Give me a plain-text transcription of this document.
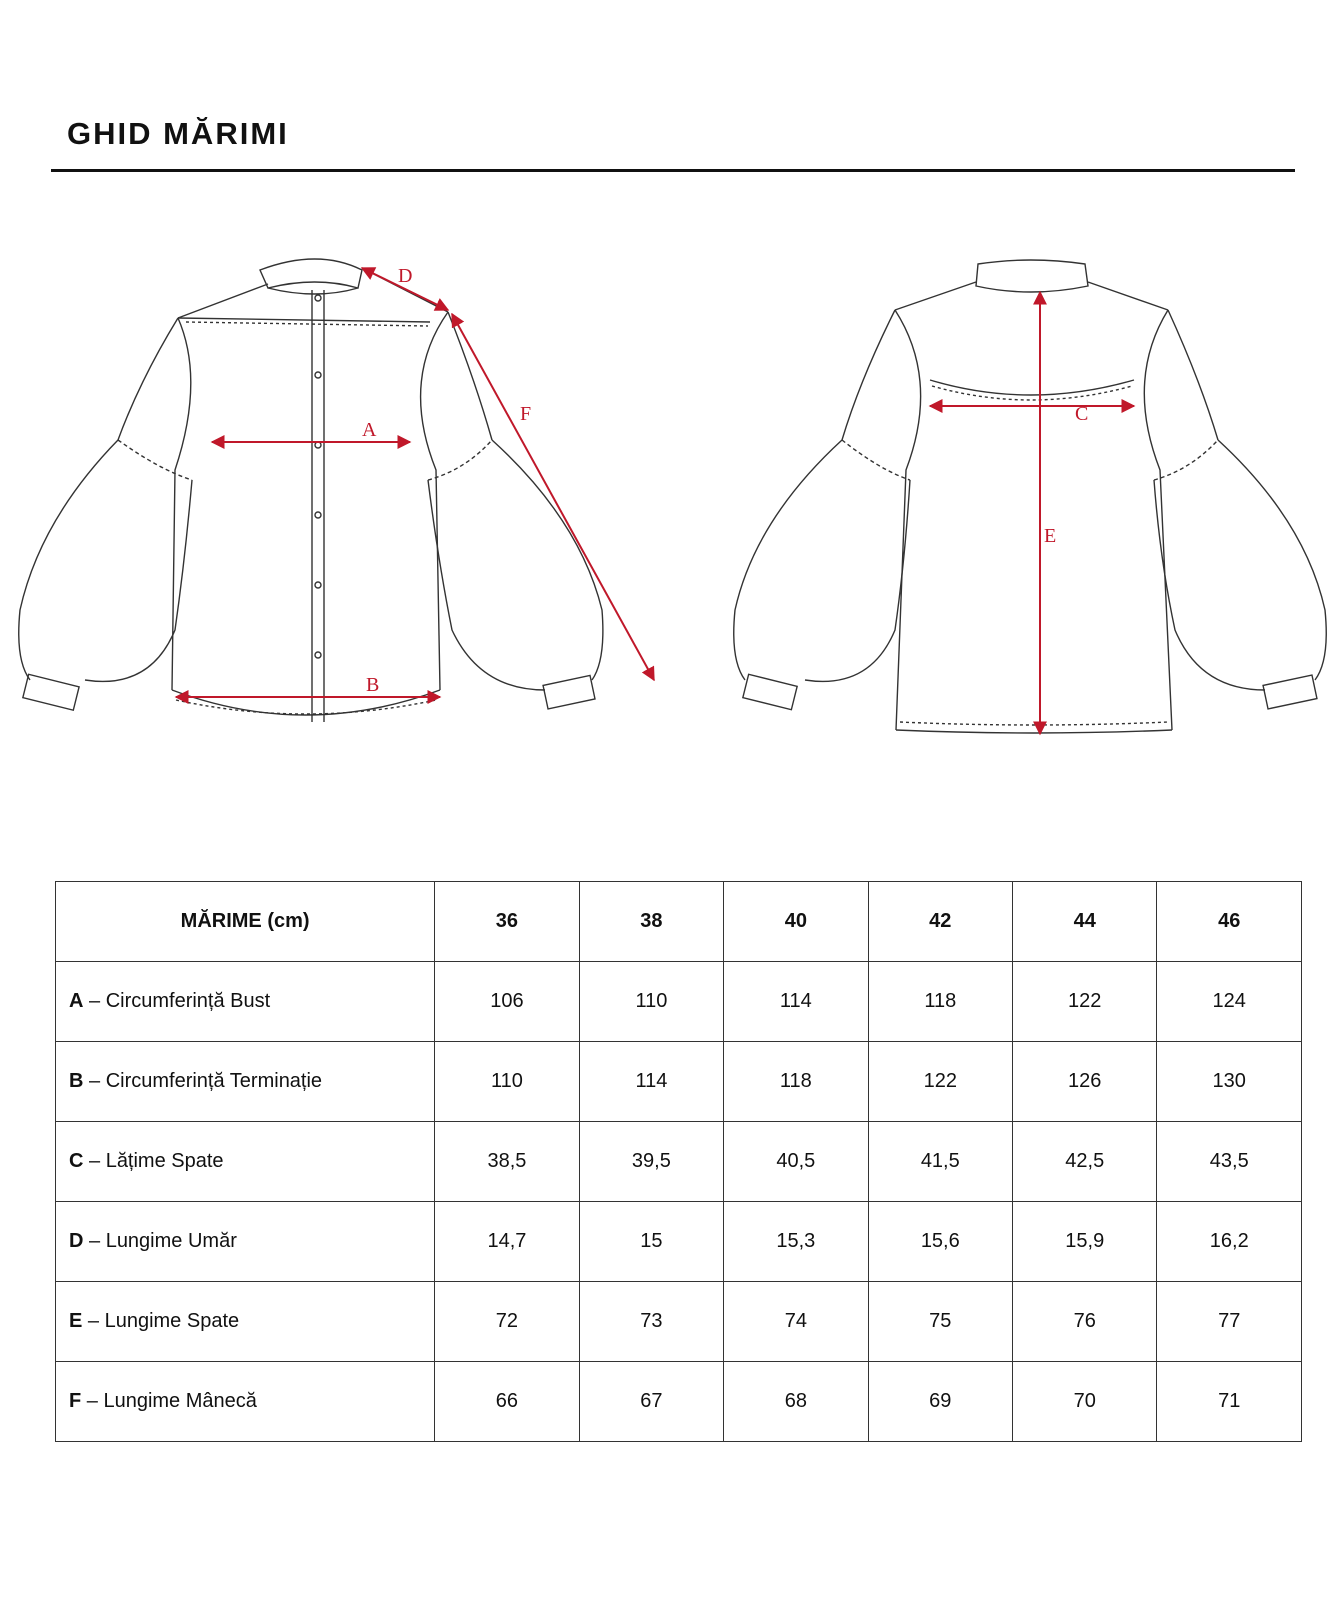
GHID MĂRIMI
A
B
D
F	C
E
MĂRIME (cm)	36	38	40	42	44	46
A – Circumferință Bust	106	110	114	118	122	124
B – Circumferință Terminație	110	114	118	122	126	130
C – Lățime Spate	38,5	39,5	40,5	41,5	42,5	43,5
D – Lungime Umăr	14,7	15	15,3	15,6	15,9	16,2
E – Lungime Spate	72	73	74	75	76	77
F – Lungime Mânecă	66	67	68	69	70	71
